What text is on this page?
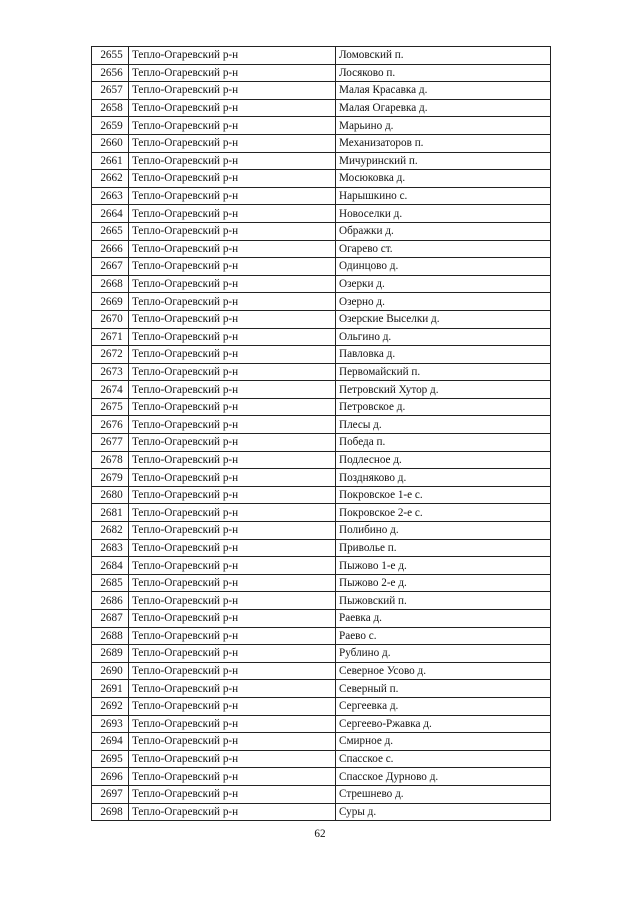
2655	Тепло-Огаревский р-н	Ломовский п.
2656	Тепло-Огаревский р-н	Лосяково п.
2657	Тепло-Огаревский р-н	Малая Красавка д.
2658	Тепло-Огаревский р-н	Малая Огаревка д.
2659	Тепло-Огаревский р-н	Марьино д.
2660	Тепло-Огаревский р-н	Механизаторов п.
2661	Тепло-Огаревский р-н	Мичуринский п.
2662	Тепло-Огаревский р-н	Мосюковка д.
2663	Тепло-Огаревский р-н	Нарышкино с.
2664	Тепло-Огаревский р-н	Новоселки д.
2665	Тепло-Огаревский р-н	Ображки д.
2666	Тепло-Огаревский р-н	Огарево ст.
2667	Тепло-Огаревский р-н	Одинцово д.
2668	Тепло-Огаревский р-н	Озерки д.
2669	Тепло-Огаревский р-н	Озерно д.
2670	Тепло-Огаревский р-н	Озерские Выселки д.
2671	Тепло-Огаревский р-н	Ольгино д.
2672	Тепло-Огаревский р-н	Павловка д.
2673	Тепло-Огаревский р-н	Первомайский п.
2674	Тепло-Огаревский р-н	Петровский Хутор д.
2675	Тепло-Огаревский р-н	Петровское д.
2676	Тепло-Огаревский р-н	Плесы д.
2677	Тепло-Огаревский р-н	Победа п.
2678	Тепло-Огаревский р-н	Подлесное д.
2679	Тепло-Огаревский р-н	Поздняково д.
2680	Тепло-Огаревский р-н	Покровское 1-е с.
2681	Тепло-Огаревский р-н	Покровское 2-е с.
2682	Тепло-Огаревский р-н	Полибино д.
2683	Тепло-Огаревский р-н	Приволье п.
2684	Тепло-Огаревский р-н	Пыжово 1-е д.
2685	Тепло-Огаревский р-н	Пыжово 2-е д.
2686	Тепло-Огаревский р-н	Пыжовский п.
2687	Тепло-Огаревский р-н	Раевка д.
2688	Тепло-Огаревский р-н	Раево с.
2689	Тепло-Огаревский р-н	Рублино д.
2690	Тепло-Огаревский р-н	Северное Усово д.
2691	Тепло-Огаревский р-н	Северный п.
2692	Тепло-Огаревский р-н	Сергеевка д.
2693	Тепло-Огаревский р-н	Сергеево-Ржавка д.
2694	Тепло-Огаревский р-н	Смирное д.
2695	Тепло-Огаревский р-н	Спасское с.
2696	Тепло-Огаревский р-н	Спасское Дурново д.
2697	Тепло-Огаревский р-н	Стрешнево д.
2698	Тепло-Огаревский р-н	Суры д.
62
